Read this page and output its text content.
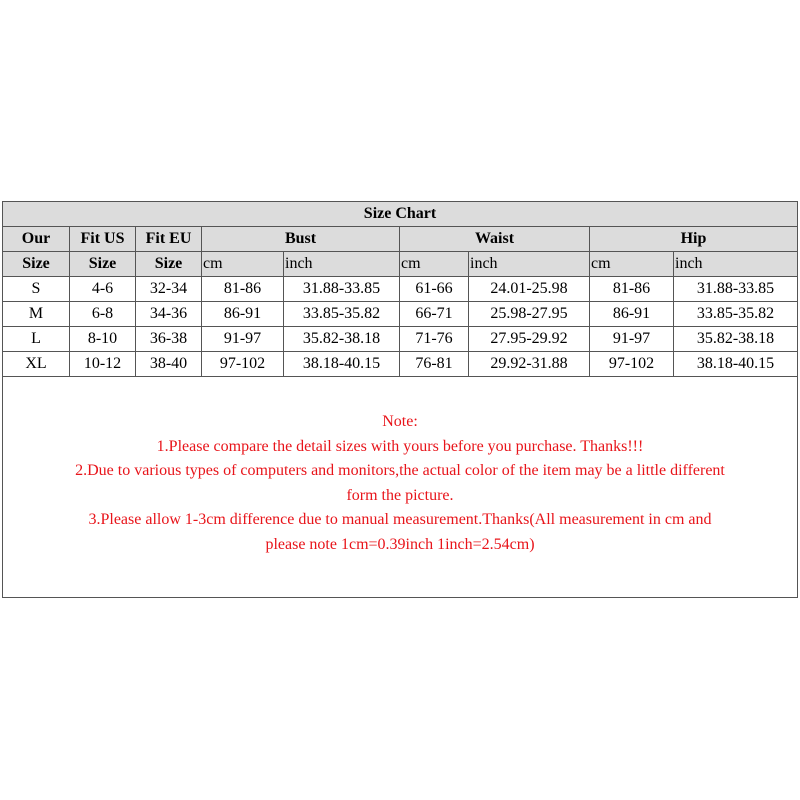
Size Chart								
Our	Fit US	Fit EU	Bust		Waist		Hip	
Size	Size	Size	cm	inch	cm	inch	cm	inch
S	4-6	32-34	81-86	31.88-33.85	61-66	24.01-25.98	81-86	31.88-33.85
M	6-8	34-36	86-91	33.85-35.82	66-71	25.98-27.95	86-91	33.85-35.82
L	8-10	36-38	91-97	35.82-38.18	71-76	27.95-29.92	91-97	35.82-38.18
XL	10-12	38-40	97-102	38.18-40.15	76-81	29.92-31.88	97-102	38.18-40.15
Note:
1.Please compare the detail sizes with yours before you purchase. Thanks!!!
2.Due to various types of computers and monitors,the actual color of the item may be a little different
form the picture.
3.Please allow 1-3cm difference due to manual measurement.Thanks(All measurement in cm and
please note 1cm=0.39inch 1inch=2.54cm)
